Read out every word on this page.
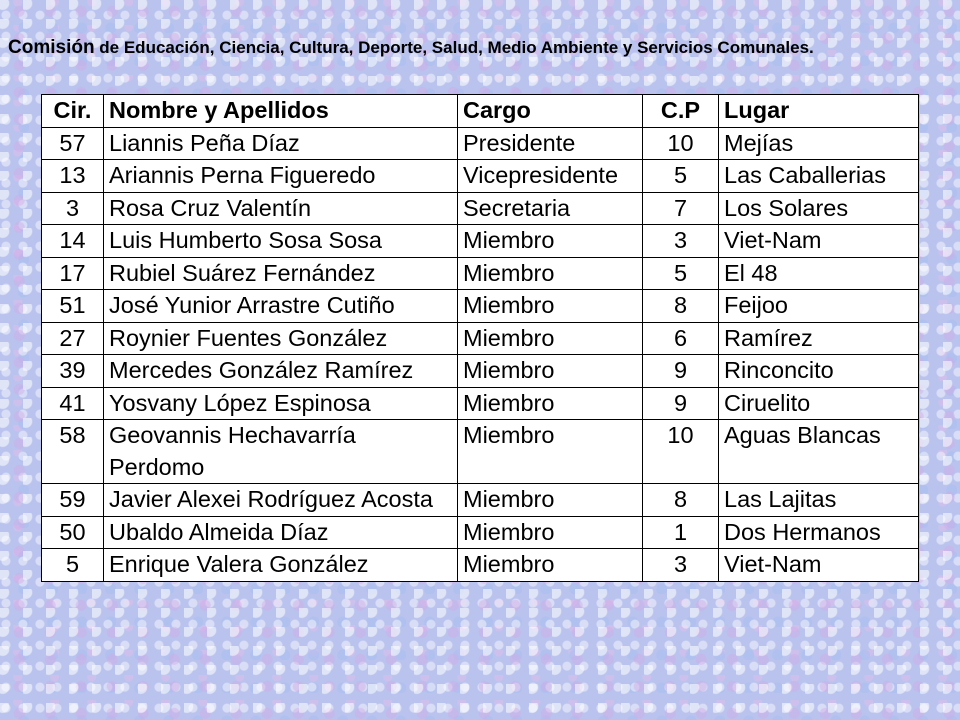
Comisión de Educación, Ciencia, Cultura, Deporte, Salud, Medio Ambiente y Servicios Comunales.
Cir.	Nombre y Apellidos	Cargo	C.P	Lugar
57	Liannis Peña Díaz	Presidente	10	Mejías
13	Ariannis Perna Figueredo	Vicepresidente	5	Las Caballerias
3	Rosa Cruz Valentín	Secretaria	7	Los Solares
14	Luis Humberto Sosa Sosa	Miembro	3	Viet-Nam
17	Rubiel Suárez Fernández	Miembro	5	El 48
51	José Yunior Arrastre Cutiño	Miembro	8	Feijoo
27	Roynier Fuentes González	Miembro	6	Ramírez
39	Mercedes González Ramírez	Miembro	9	Rinconcito
41	Yosvany López Espinosa	Miembro	9	Ciruelito
58	Geovannis Hechavarría Perdomo	Miembro	10	Aguas Blancas
59	Javier Alexei Rodríguez Acosta	Miembro	8	Las Lajitas
50	Ubaldo Almeida Díaz	Miembro	1	Dos Hermanos
5	Enrique Valera González	Miembro	3	Viet-Nam
